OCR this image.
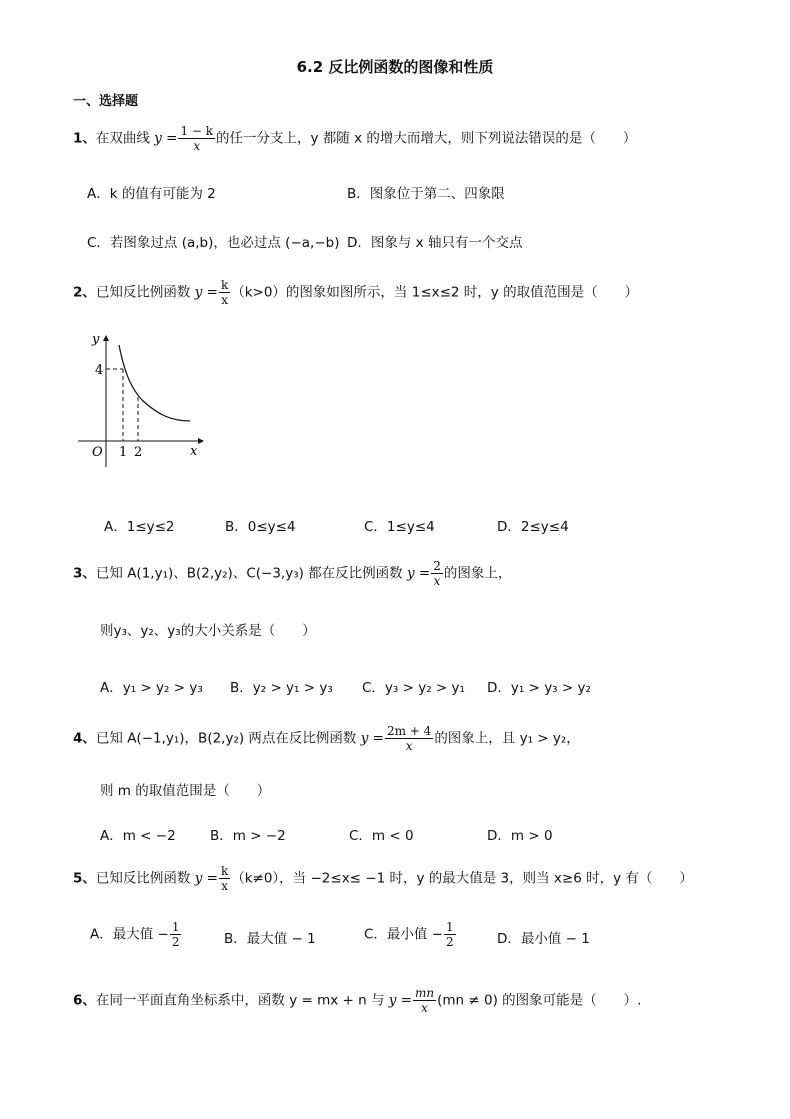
6.2 反比例函数的图像和性质
一、选择题
1、在双曲线 $y = \frac{1 - k}{x}$ 的任一分支上，y 都随 x 的增大而增大，则下列说法错误的是（　　）
A．k 的值有可能为 2	B．图象位于第二、四象限
C．若图象过点 (a,b)，也必过点 (−a,−b) D．图象与 x 轴只有一个交点
2、已知反比例函数 $y = \frac{k}{x} (k>0)$的图象如图所示，当 1≤x≤2 时，y 的取值范围是（　　）
y
x
O
4
1 2
A．1≤y≤2	B．0≤y≤4	C．1≤y≤4	D．2≤y≤4
3、已知 A(1,y₁)、B(2,y₂)、C(−3,y₃) 都在反比例函数 $y = \frac{2}{x}$ 的图象上，
则y₃、y₂、y₃的大小关系是（　　）
A．y₁ > y₂ > y₃ B．y₂ > y₁ > y₃ C．y₃ > y₂ > y₁ D．y₁ > y₃ > y₂
4、已知 A(−1,y₁)，B(2,y₂) 两点在反比例函数 $y = \frac{2m + 4}{x}$ 的图象上，且 y₁ > y₂，
则 m 的取值范围是（　　）
A．m < −2	B．m > −2	C．m < 0	D．m > 0
5、已知反比例函数 $y = \frac{k}{x} (k\ne 0)$，当 −2≤x≤ −1 时，y 的最大值是 3，则当 x≥6 时，y 有（　　）
A．最大值 − $\frac{1}{2}$	B．最大值 − 1	C．最小值 − $\frac{1}{2}$	D．最小值 − 1
6、在同一平面直角坐标系中，函数 y = mx + n 与 $y = \frac{mn}{x} (mn \ne 0)$ 的图象可能是（　　）.
